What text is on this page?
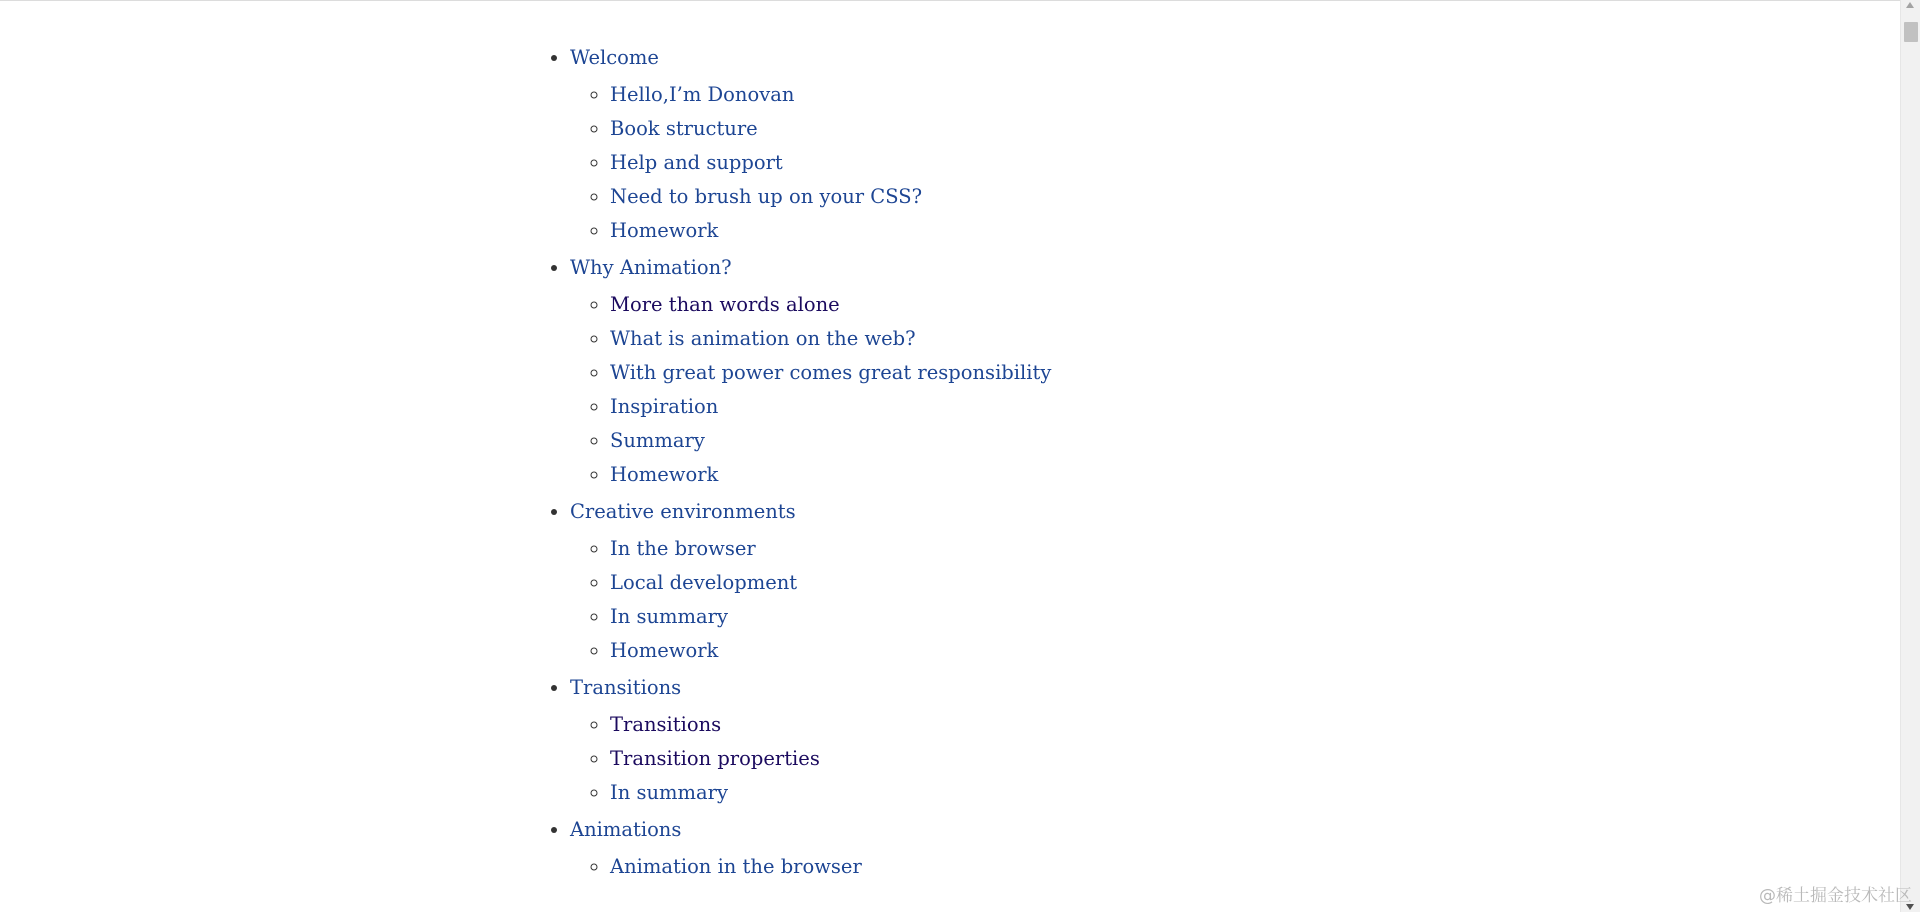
• Welcome
◦ Hello,I’m Donovan
◦ Book structure
◦ Help and support
◦ Need to brush up on your CSS?
◦ Homework
• Why Animation?
◦ More than words alone
◦ What is animation on the web?
◦ With great power comes great responsibility
◦ Inspiration
◦ Summary
◦ Homework
• Creative environments
◦ In the browser
◦ Local development
◦ In summary
◦ Homework
• Transitions
◦ Transitions
◦ Transition properties
◦ In summary
• Animations
◦ Animation in the browser
@稀土掘金技术社区
